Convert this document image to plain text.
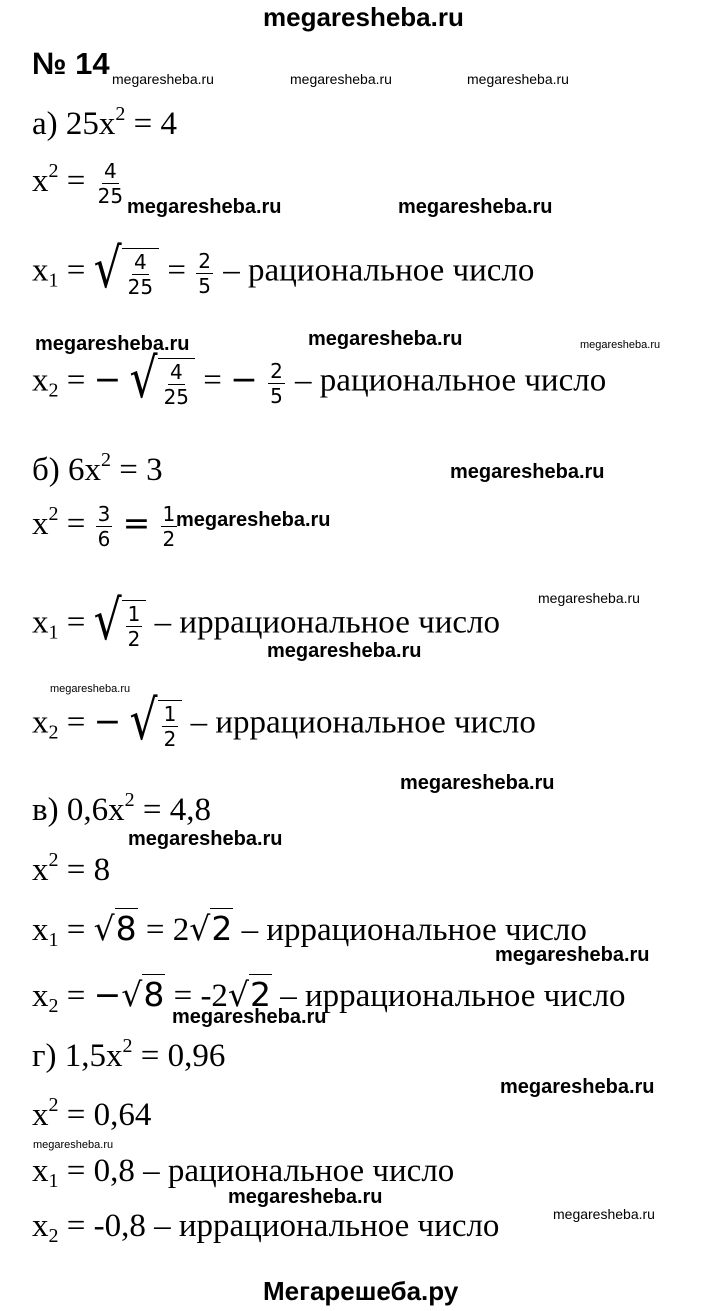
megaresheba.ru
Мегарешеба.ру
№ 14 megaresheba.ru	megaresheba.ru	megaresheba.ru
megaresheba.ru	megaresheba.ru
megaresheba.ru	megaresheba.ru	megaresheba.ru
megaresheba.ru
megaresheba.ru
megaresheba.ru
megaresheba.ru
megaresheba.ru
megaresheba.ru
megaresheba.ru
megaresheba.ru
megaresheba.ru
megaresheba.ru
megaresheba.ru
megaresheba.ru
megaresheba.ru
а) $25x^2 = 4$
$x^2 = \frac{4}{25}$
$x_1$ = √ $\frac{4}{25} = \frac{2}{5}$ – рациональное число
$x_2$ = − √ $\frac{4}{25}$ = − $\frac{2}{5}$ – рациональное число
б) $6x^2 = 3$
$x^2 = \frac{3}{6} = \frac{1}{2}$
$x_1$ = √ $\frac{1}{2}$ – иррациональное число
$x_2$ = − √ $\frac{1}{2}$ – иррациональное число
в) $0,6x^2 = 4,8$
$x^2 = 8$
$x_1 = √8 = 2√2$ – иррациональное число
$x_2 = -√8 = -2√2$ – иррациональное число
г) $1,5x^2 = 0,96$
$x^2 = 0,64$
$x_1 = 0,8$ – рациональное число
$x_2 = -0,8$ – иррациональное число
